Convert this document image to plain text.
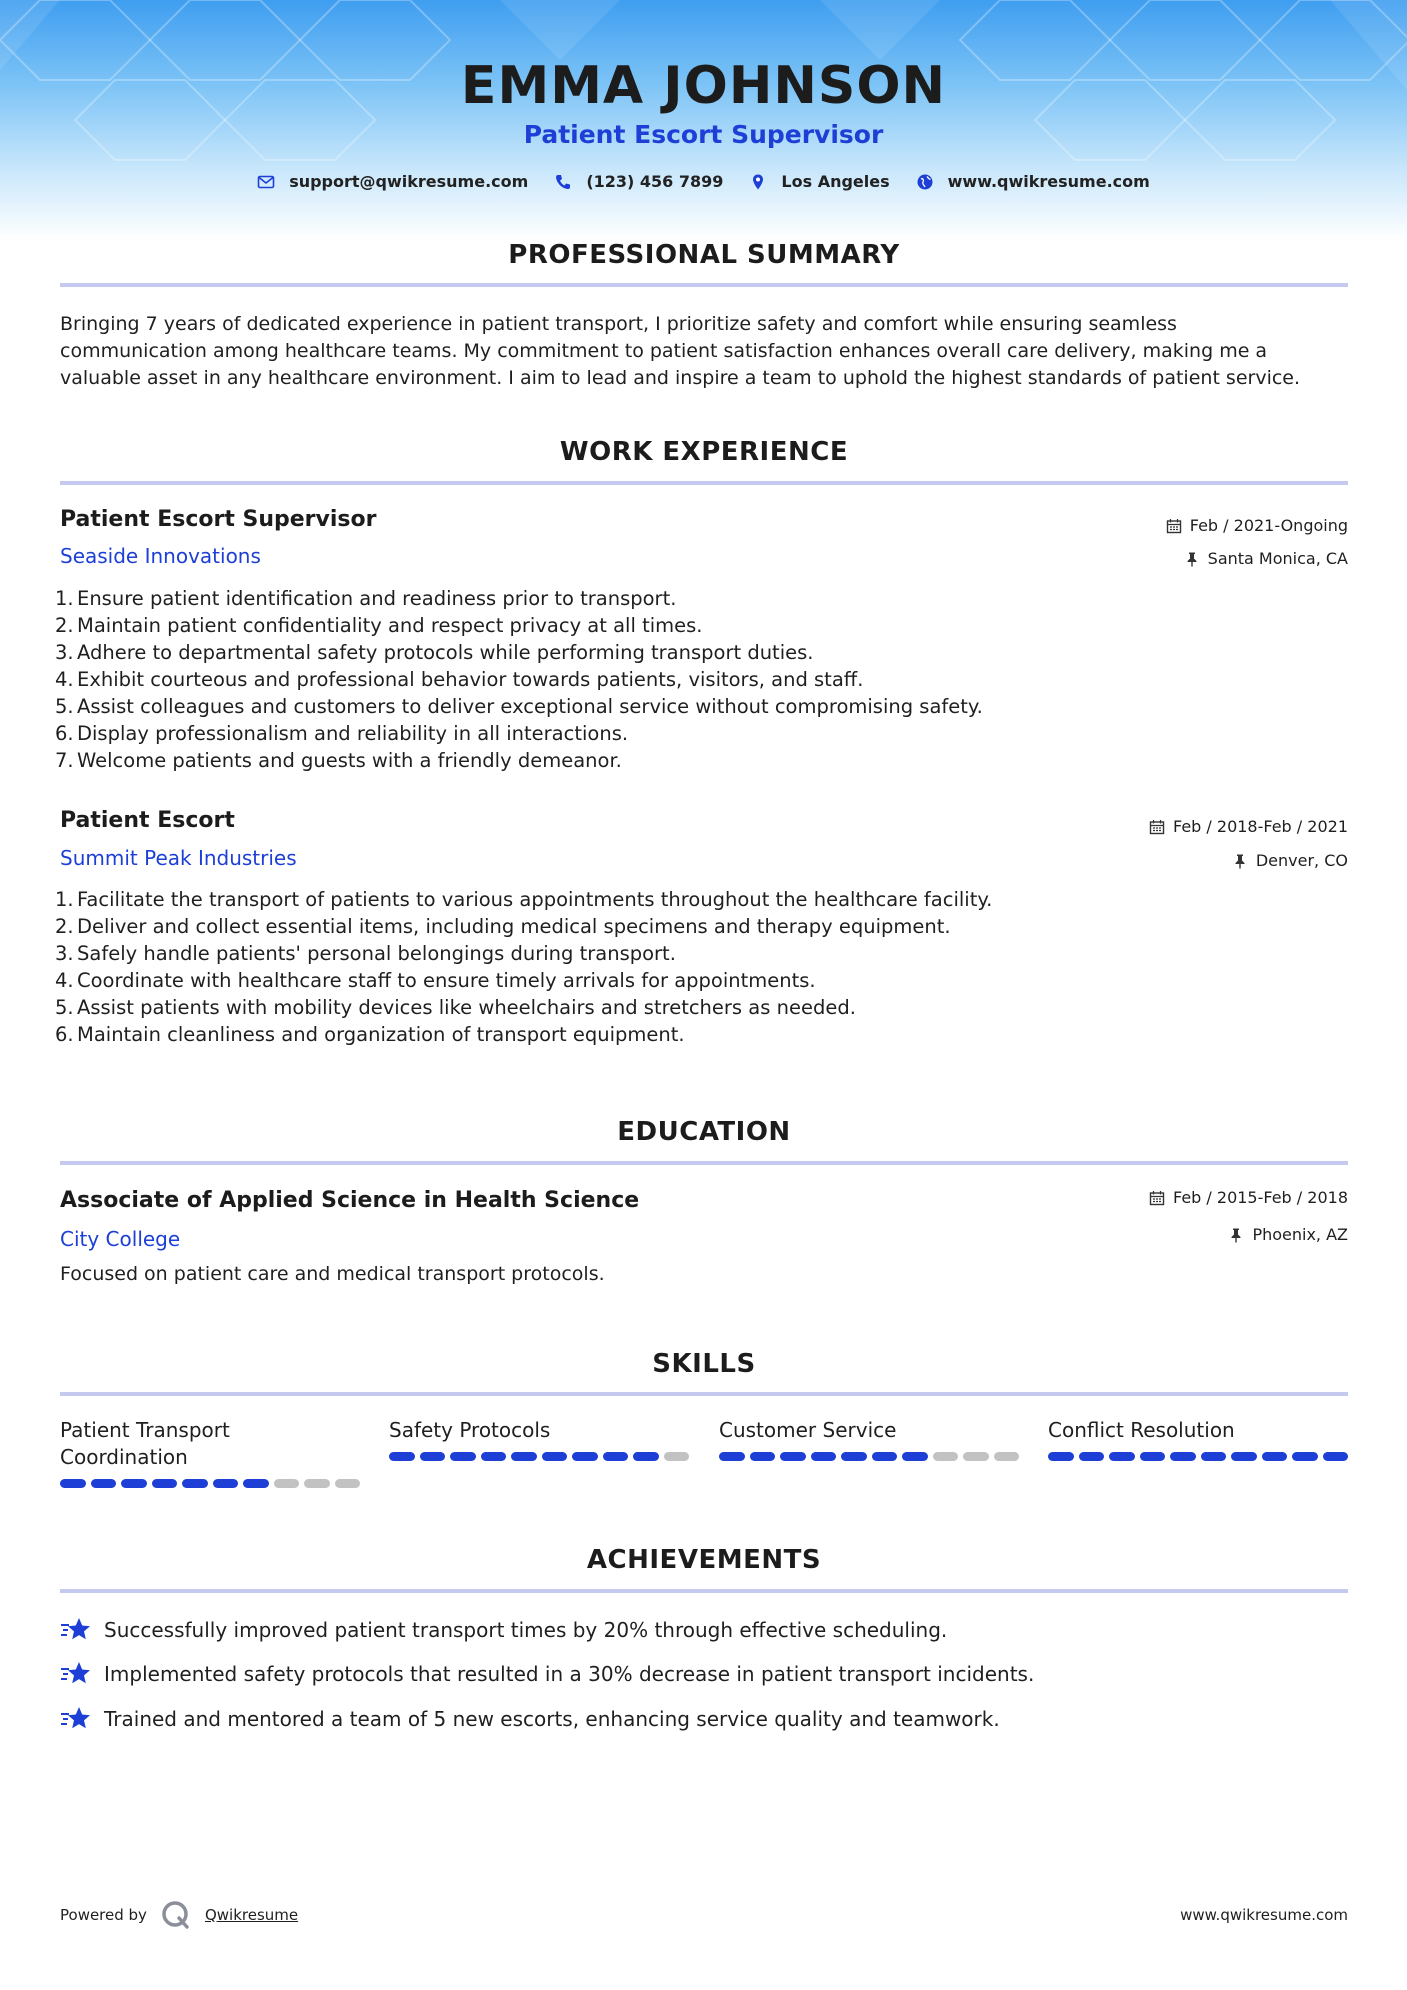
EMMA JOHNSON
Patient Escort Supervisor
support@qwikresume.com	(123) 456 7899	Los Angeles	www.qwikresume.com
PROFESSIONAL SUMMARY
Bringing 7 years of dedicated experience in patient transport, I prioritize safety and comfort while ensuring seamless
communication among healthcare teams. My commitment to patient satisfaction enhances overall care delivery, making me a
valuable asset in any healthcare environment. I aim to lead and inspire a team to uphold the highest standards of patient service.
WORK EXPERIENCE
Patient Escort Supervisor
Seaside Innovations
Feb / 2021-Ongoing
Santa Monica, CA
1. Ensure patient identification and readiness prior to transport.
2. Maintain patient confidentiality and respect privacy at all times.
3. Adhere to departmental safety protocols while performing transport duties.
4. Exhibit courteous and professional behavior towards patients, visitors, and staff.
5. Assist colleagues and customers to deliver exceptional service without compromising safety.
6. Display professionalism and reliability in all interactions.
7. Welcome patients and guests with a friendly demeanor.
Patient Escort
Summit Peak Industries
Feb / 2018-Feb / 2021
Denver, CO
1. Facilitate the transport of patients to various appointments throughout the healthcare facility.
2. Deliver and collect essential items, including medical specimens and therapy equipment.
3. Safely handle patients' personal belongings during transport.
4. Coordinate with healthcare staff to ensure timely arrivals for appointments.
5. Assist patients with mobility devices like wheelchairs and stretchers as needed.
6. Maintain cleanliness and organization of transport equipment.
EDUCATION
Associate of Applied Science in Health Science
City College
Feb / 2015-Feb / 2018
Phoenix, AZ
Focused on patient care and medical transport protocols.
SKILLS
Patient Transport
Coordination
Safety Protocols	Customer Service	Conflict Resolution
ACHIEVEMENTS
Successfully improved patient transport times by 20% through effective scheduling.
Implemented safety protocols that resulted in a 30% decrease in patient transport incidents.
Trained and mentored a team of 5 new escorts, enhancing service quality and teamwork.
Powered by	Qwikresume	www.qwikresume.com
